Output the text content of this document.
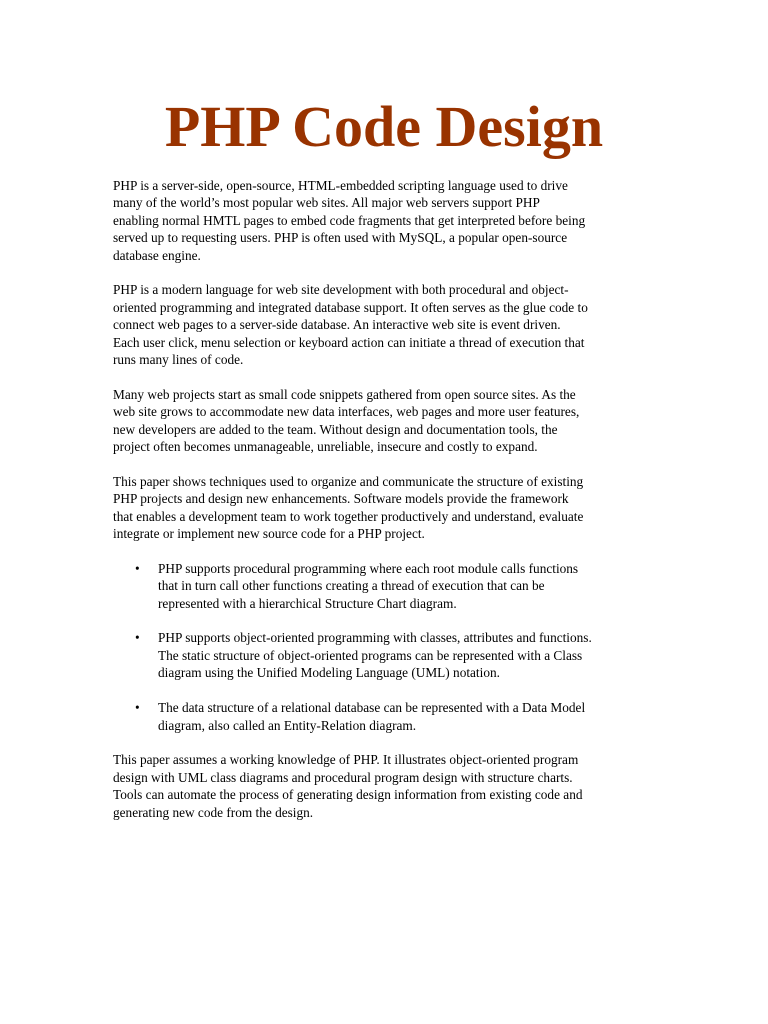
PHP Code Design

PHP is a server-side, open-source, HTML-embedded scripting language used to drive
many of the world’s most popular web sites. All major web servers support PHP
enabling normal HMTL pages to embed code fragments that get interpreted before being
served up to requesting users. PHP is often used with MySQL, a popular open-source
database engine.

PHP is a modern language for web site development with both procedural and object-
oriented programming and integrated database support. It often serves as the glue code to
connect web pages to a server-side database. An interactive web site is event driven.
Each user click, menu selection or keyboard action can initiate a thread of execution that
runs many lines of code.

Many web projects start as small code snippets gathered from open source sites. As the
web site grows to accommodate new data interfaces, web pages and more user features,
new developers are added to the team. Without design and documentation tools, the
project often becomes unmanageable, unreliable, insecure and costly to expand.

This paper shows techniques used to organize and communicate the structure of existing
PHP projects and design new enhancements. Software models provide the framework
that enables a development team to work together productively and understand, evaluate
integrate or implement new source code for a PHP project.

• PHP supports procedural programming where each root module calls functions
that in turn call other functions creating a thread of execution that can be
represented with a hierarchical Structure Chart diagram.
• PHP supports object-oriented programming with classes, attributes and functions.
The static structure of object-oriented programs can be represented with a Class
diagram using the Unified Modeling Language (UML) notation.
• The data structure of a relational database can be represented with a Data Model
diagram, also called an Entity-Relation diagram.

This paper assumes a working knowledge of PHP. It illustrates object-oriented program
design with UML class diagrams and procedural program design with structure charts.
Tools can automate the process of generating design information from existing code and
generating new code from the design.
